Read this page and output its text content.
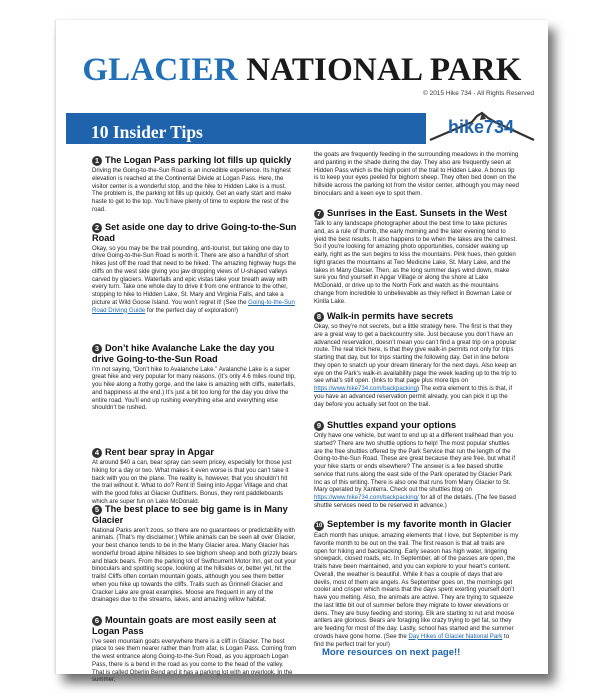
GLACIER NATIONAL PARK
© 2015 Hike 734 - All Rights Reserved
10 Insider Tips	hike734
1 The Logan Pass parking lot fills up quickly
Driving the Going-to-the-Sun Road is an incredible experience. Its highest elevation is reached at the Continental Divide at Logan Pass. Here, the visitor center is a wonderful stop, and the hike to Hidden Lake is a must. The problem is, the parking lot fills up quickly. Get an early start and make haste to get to the top. You’ll have plenty of time to explore the rest of the road.
2 Set aside one day to drive Going-to-the-Sun Road
Okay, so you may be the trail pounding, anti-tourist, but taking one day to drive Going-to-the-Sun Road is worth it. There are also a handful of short hikes just off the road that need to be hiked. The amazing highway hugs the cliffs on the west side giving you jaw dropping views of U-shaped valleys carved by glaciers. Waterfalls and epic vistas take your breath away with every turn. Take one whole day to drive it from one entrance to the other, stopping to hike to Hidden Lake, St. Mary and Virginia Falls, and take a picture at Wild Goose Island. You won’t regret it! (See the Going-to-the-Sun Road Driving Guide for the perfect day of exploration!)
3 Don’t hike Avalanche Lake the day you drive Going-to-the-Sun Road
I’m not saying, “Don’t hike to Avalanche Lake.” Avalanche Lake is a super great hike and very popular for many reasons. (It’s only 4.6 miles round trip, you hike along a frothy gorge, and the lake is amazing with cliffs, waterfalls, and happiness at the end.) It’s just a bit too long for the day you drive the entire road. You’ll end up rushing everything else and everything else shouldn’t be rushed.
4 Rent bear spray in Apgar
At around $40 a can, bear spray can seem pricey, especially for those just hiking for a day or two. What makes it even worse is that you can’t take it back with you on the plane. The reality is, however, that you shouldn’t hit the trail without it. What to do? Rent it! Swing into Apgar Village and chat with the good folks at Glacier Outfitters. Bonus, they rent paddleboards which are super fun on Lake McDonald.
5 The best place to see big game is in Many Glacier
National Parks aren’t zoos, so there are no guarantees or predictability with animals. (That’s my disclaimer.) While animals can be seen all over Glacier, your best chance tends to be in the Many Glacier area. Many Glacier has wonderful broad alpine hillsides to see bighorn sheep and both grizzly bears and black bears. From the parking lot of Swiftcurrent Motor Inn, get out your binoculars and spotting scope, looking at the hillsides or, better yet, hit the trails! Cliffs often contain mountain goats, although you see them better when you hike up towards the cliffs. Trails such as Grinnell Glacier and Cracker Lake are great examples. Moose are frequent in any of the drainages due to the streams, lakes, and amazing willow habitat.
6 Mountain goats are most easily seen at Logan Pass
I’ve seen mountain goats everywhere there is a cliff in Glacier. The best place to see them nearer rather than from afar, is Logan Pass. Coming from the west entrance along Going-to-the-Sun Road, as you approach Logan Pass, there is a bend in the road as you come to the head of the valley. That is called Oberlin Bend and it has a parking lot with an overlook. In the summer,
the goats are frequently feeding in the surrounding meadows in the morning and panting in the shade during the day. They also are frequently seen at Hidden Pass which is the high point of the trail to Hidden Lake. A bonus tip is to keep your eyes peeled for bighorn sheep. They often bed down on the hillside across the parking lot from the visitor center, although you may need binoculars and a keen eye to spot them.
7 Sunrises in the East. Sunsets in the West
Talk to any landscape photographer about the best time to take pictures and, as a rule of thumb, the early morning and the later evening tend to yield the best results. It also happens to be when the lakes are the calmest. So if you’re looking for amazing photo opportunities, consider waking up early, right as the sun begins to kiss the mountains. Pink hues, then golden light graces the mountains at Two Medicine Lake, St. Mary Lake, and the lakes in Many Glacier. Then, as the long summer days wind down, make sure you find yourself in Apgar Village or along the shore at Lake McDonald, or drive up to the North Fork and watch as the mountains change from incredible to unbelievable as they reflect in Bowman Lake or Kintla Lake.
8 Walk-in permits have secrets
Okay, so they’re not secrets, but a little strategy here. The first is that they are a great way to get a backcountry site. Just because you don’t have an advanced reservation, doesn’t mean you can’t find a great trip on a popular route. The real trick here, is that they give walk-in permits not only for trips starting that day, but for trips starting the following day. Get in line before they open to snatch up your dream itinerary for the next days. Also keep an eye on the Park’s walk-in availability page the week leading up to the trip to see what’s still open. (links to that page plus more tips on https://www.hike734.com/backpacking) The extra element to this is that, if you have an advanced reservation permit already, you can pick it up the day before you actually set foot on the trail.
9 Shuttles expand your options
Only have one vehicle, but want to end up at a different trailhead than you started? There are two shuttle options to help! The most popular shuttles are the free shuttles offered by the Park Service that run the length of the Going-to-the-Sun Road. These are great because they are free, but what if your hike starts or ends elsewhere? The answer is a fee based shuttle service that runs along the east side of the Park operated by Glacier Park Inc as of this writing. There is also one that runs from Many Glacier to St. Mary operated by Xanterra. Check out the shuttles blog on https://www.hike734.com/backpacking/ for all of the details. (The fee based shuttle services need to be reserved in advance.)
10 September is my favorite month in Glacier
Each month has unique, amazing elements that I love, but September is my favorite month to be out on the trail. The first reason is that all trails are open for hiking and backpacking. Early season has high water, lingering snowpack, closed roads, etc. In September, all of the passes are open, the trails have been maintained, and you can explore to your heart’s content. Overall, the weather is beautiful. While it has a couple of days that are devils, most of them are angels. As September goes on, the mornings get cooler and crisper which means that the days spent exerting yourself don’t have you melting. Also, the animals are active. They are trying to squeeze the last little bit out of summer before they migrate to lower elevations or dens. They are busy feeding and storing. Elk are starting to rut and moose antlers are glorious. Bears are foraging like crazy trying to get fat, so they are feeding for most of the day. Lastly, school has started and the summer crowds have gone home. (See the Day Hikes of Glacier National Park to find the perfect trail for you!)
More resources on next page!!
